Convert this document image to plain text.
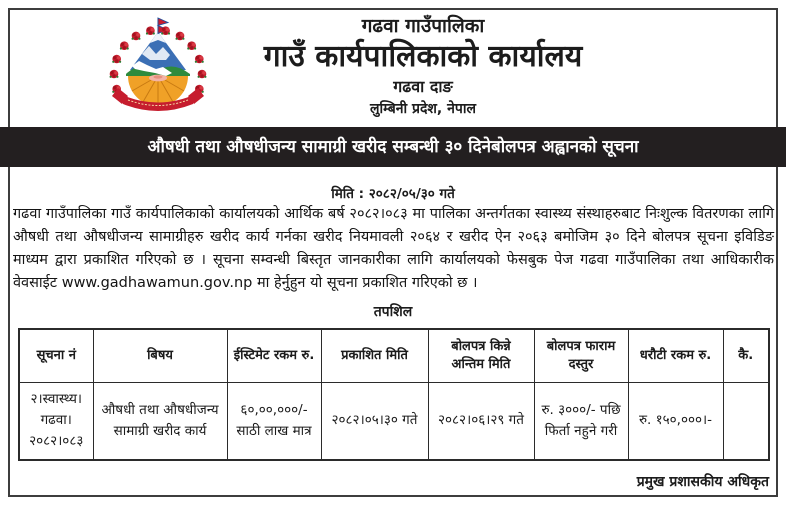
गढवा गाउँपालिका
गाउँ कार्यपालिकाको कार्यालय
गढवा दाङ
लुम्बिनी प्रदेश, नेपाल
औषधी तथा औषधीजन्य सामाग्री खरीद सम्बन्धी ३० दिनेबोलपत्र अह्वानको सूचना
मिति : २०८२/०५/३० गते
गढवा गाउँपालिका गाउँ कार्यपालिकाको कार्यालयको आर्थिक बर्ष २०८२।०८३ मा पालिका अन्तर्गतका स्वास्थ्य संस्थाहरुबाट निःशुल्क वितरणका लागि औषधी तथा औषधीजन्य सामाग्रीहरु खरीद कार्य गर्नका खरीद नियमावली २०६४ र खरीद ऐन २०६३ बमोजिम ३० दिने बोलपत्र सूचना इविडिङ माध्यम द्वारा प्रकाशित गरिएको छ । सूचना सम्वन्धी बिस्तृत जानकारीका लागि कार्यालयको फेसबुक पेज गढवा गाउँपालिका तथा आधिकारीक वेवसाईट www.gadhawamun.gov.np मा हेर्नुहुन यो सूचना प्रकाशित गरिएको छ ।
तपशिल
सूचना नं	बिषय	ईस्टिमेट रकम रु.	प्रकाशित मिति	बोलपत्र किन्ने अन्तिम मिति	बोलपत्र फाराम दस्तुर	धरौटी रकम रु.	कै.
२।स्वास्थ्य। गढवा। २०८२।०८३	औषधी तथा औषधीजन्य सामाग्री खरीद कार्य	६०,००,०००/- साठी लाख मात्र	२०८२।०५।३० गते	२०८२।०६।२९ गते	रु. ३०००/- पछि फिर्ता नहुने गरी	रु. १५०,०००।-	
प्रमुख प्रशासकीय अधिकृत
